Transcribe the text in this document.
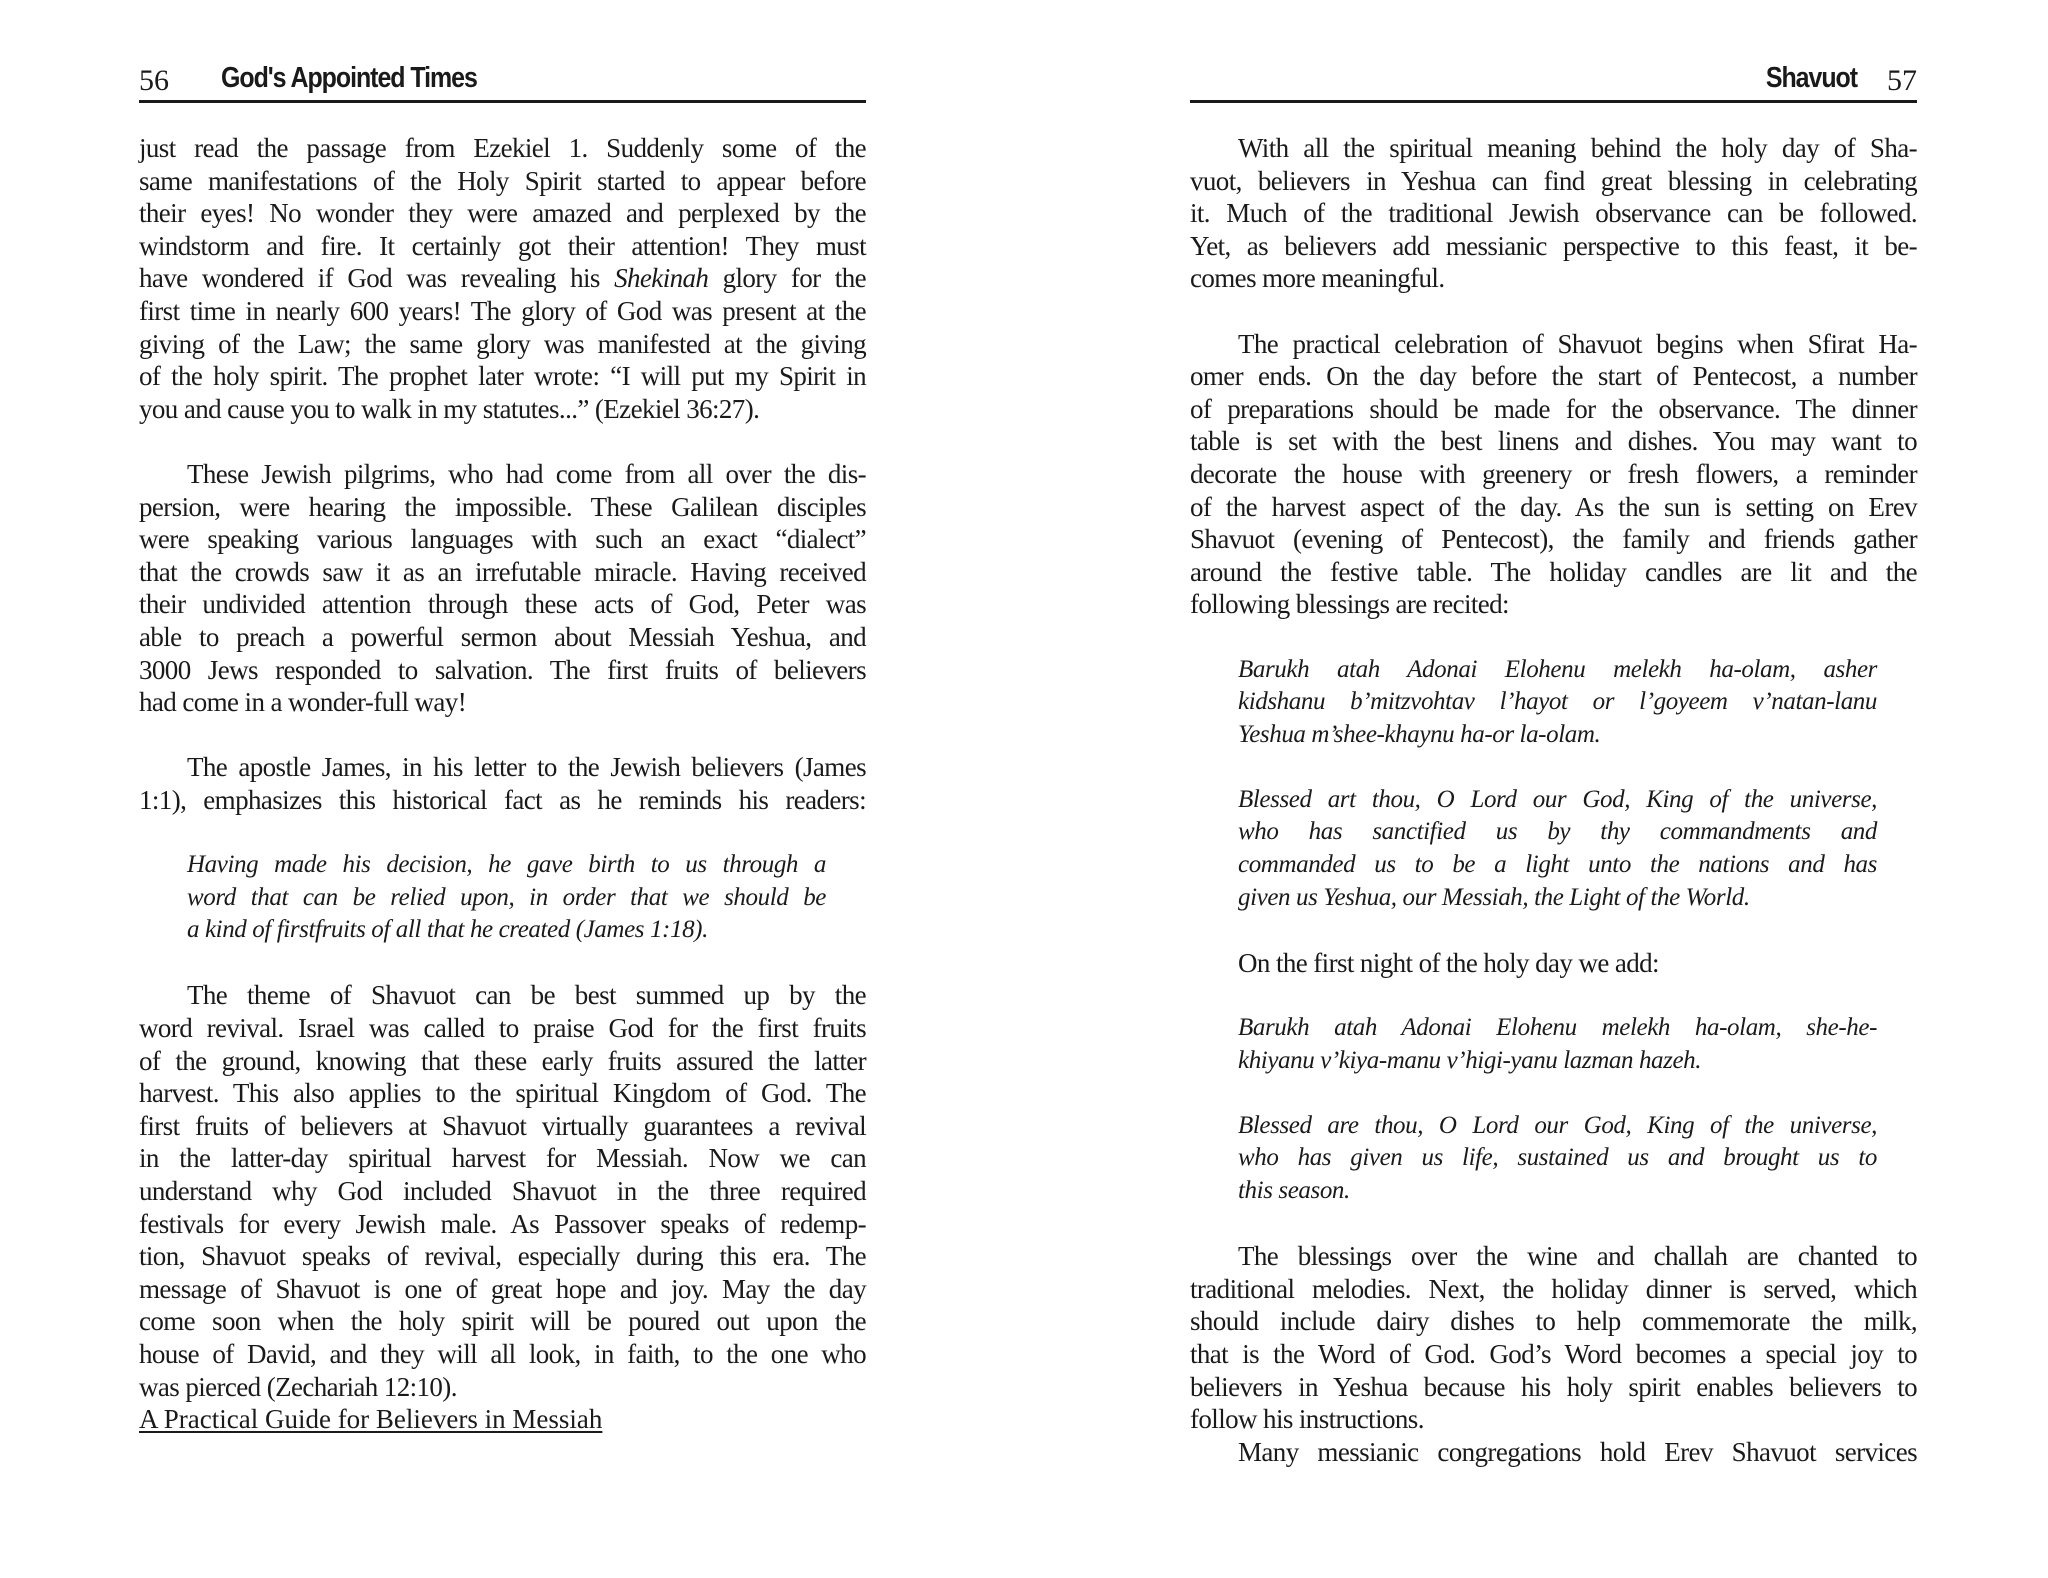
56 God's Appointed Times
just read the passage from Ezekiel 1. Suddenly some of the
same manifestations of the Holy Spirit started to appear before
their eyes! No wonder they were amazed and perplexed by the
windstorm and fire. It certainly got their attention! They must
have wondered if God was revealing his Shekinah glory for the
first time in nearly 600 years! The glory of God was present at the
giving of the Law; the same glory was manifested at the giving
of the holy spirit. The prophet later wrote: “I will put my Spirit in
you and cause you to walk in my statutes...” (Ezekiel 36:27).
These Jewish pilgrims, who had come from all over the dis-
persion, were hearing the impossible. These Galilean disciples
were speaking various languages with such an exact “dialect”
that the crowds saw it as an irrefutable miracle. Having received
their undivided attention through these acts of God, Peter was
able to preach a powerful sermon about Messiah Yeshua, and
3000 Jews responded to salvation. The first fruits of believers
had come in a wonder-full way!
The apostle James, in his letter to the Jewish believers (James
1:1), emphasizes this historical fact as he reminds his readers:
Having made his decision, he gave birth to us through a
word that can be relied upon, in order that we should be
a kind of firstfruits of all that he created (James 1:18).
The theme of Shavuot can be best summed up by the
word revival. Israel was called to praise God for the first fruits
of the ground, knowing that these early fruits assured the latter
harvest. This also applies to the spiritual Kingdom of God. The
first fruits of believers at Shavuot virtually guarantees a revival
in the latter-day spiritual harvest for Messiah. Now we can
understand why God included Shavuot in the three required
festivals for every Jewish male. As Passover speaks of redemp-
tion, Shavuot speaks of revival, especially during this era. The
message of Shavuot is one of great hope and joy. May the day
come soon when the holy spirit will be poured out upon the
house of David, and they will all look, in faith, to the one who
was pierced (Zechariah 12:10).
A Practical Guide for Believers in Messiah
Shavuot 57
With all the spiritual meaning behind the holy day of Sha-
vuot, believers in Yeshua can find great blessing in celebrating
it. Much of the traditional Jewish observance can be followed.
Yet, as believers add messianic perspective to this feast, it be-
comes more meaningful.
The practical celebration of Shavuot begins when Sfirat Ha-
omer ends. On the day before the start of Pentecost, a number
of preparations should be made for the observance. The dinner
table is set with the best linens and dishes. You may want to
decorate the house with greenery or fresh flowers, a reminder
of the harvest aspect of the day. As the sun is setting on Erev
Shavuot (evening of Pentecost), the family and friends gather
around the festive table. The holiday candles are lit and the
following blessings are recited:
Barukh atah Adonai Elohenu melekh ha-olam, asher
kidshanu b’mitzvohtav l’hayot or l’goyeem v’natan-lanu
Yeshua m’shee-khaynu ha-or la-olam.
Blessed art thou, O Lord our God, King of the universe,
who has sanctified us by thy commandments and
commanded us to be a light unto the nations and has
given us Yeshua, our Messiah, the Light of the World.
On the first night of the holy day we add:
Barukh atah Adonai Elohenu melekh ha-olam, she-he-
khiyanu v’kiya-manu v’higi-yanu lazman hazeh.
Blessed are thou, O Lord our God, King of the universe,
who has given us life, sustained us and brought us to
this season.
The blessings over the wine and challah are chanted to
traditional melodies. Next, the holiday dinner is served, which
should include dairy dishes to help commemorate the milk,
that is the Word of God. God’s Word becomes a special joy to
believers in Yeshua because his holy spirit enables believers to
follow his instructions.
Many messianic congregations hold Erev Shavuot services
